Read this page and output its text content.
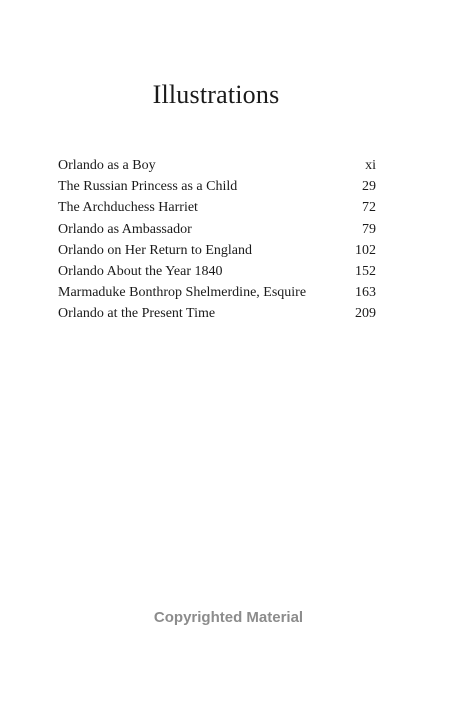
Illustrations
Orlando as a Boy	xi
The Russian Princess as a Child	29
The Archduchess Harriet	72
Orlando as Ambassador	79
Orlando on Her Return to England	102
Orlando About the Year 1840	152
Marmaduke Bonthrop Shelmerdine, Esquire	163
Orlando at the Present Time	209

Copyrighted Material
